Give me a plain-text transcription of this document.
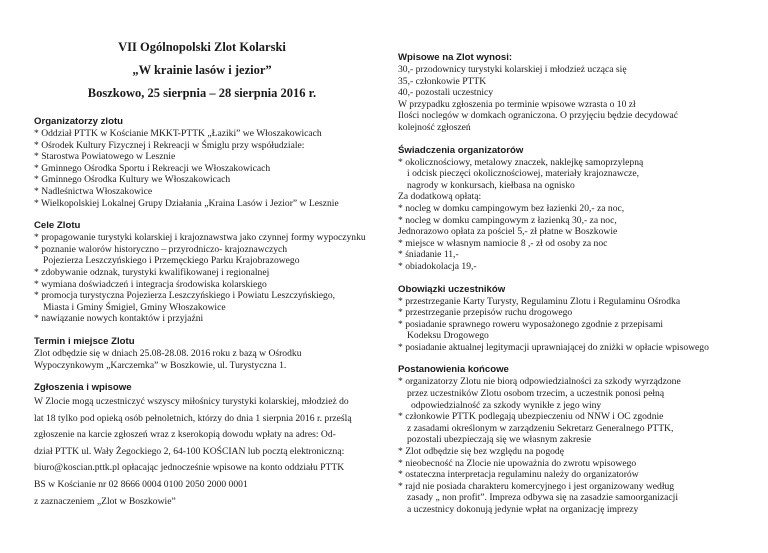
VII Ogólnopolski Zlot Kolarski
„W krainie lasów i jezior”
Boszkowo, 25 sierpnia – 28 sierpnia 2016 r.
Organizatorzy zlotu

* Oddział PTTK w Kościanie MKKT-PTTK „Łaziki” we Włoszakowicach

* Ośrodek Kultury Fizycznej i Rekreacji w Śmiglu przy współudziale:

* Starostwa Powiatowego w Lesznie

* Gminnego Ośrodka Sportu i Rekreacji we Włoszakowicach

* Gminnego Ośrodka Kultury we Włoszakowicach

* Nadleśnictwa Włoszakowice

* Wielkopolskiej Lokalnej Grupy Działania „Kraina Lasów i Jezior” w Lesznie

Cele Zlotu

* propagowanie turystyki kolarskiej i krajoznawstwa jako czynnej formy wypoczynku

* poznanie walorów historyczno – przyrodniczo- krajoznawczych

Pojezierza Leszczyńskiego i Przemęckiego Parku Krajobrazowego

* zdobywanie odznak, turystyki kwalifikowanej i regionalnej

* wymiana doświadczeń i integracja środowiska kolarskiego

* promocja turystyczna Pojezierza Leszczyńskiego i Powiatu Leszczyńskiego,

Miasta i Gminy Śmigiel, Gminy Włoszakowice

* nawiązanie nowych kontaktów i przyjaźni

Termin i miejsce Zlotu

Zlot odbędzie się w dniach 25.08-28.08. 2016 roku z bazą w Ośrodku

Wypoczynkowym „Karczemka” w Boszkowie, ul. Turystyczna 1.

Zgłoszenia i wpisowe

W Zlocie mogą uczestniczyć wszyscy miłośnicy turystyki kolarskiej, młodzież do

lat 18 tylko pod opieką osób pełnoletnich, którzy do dnia 1 sierpnia 2016 r. prześlą

zgłoszenie na karcie zgłoszeń wraz z kserokopią dowodu wpłaty na adres: Od-

dział PTTK ul. Wały Żegockiego 2, 64-100 KOŚCIAN lub pocztą elektroniczną:

biuro@koscian.pttk.pl opłacając jednocześnie wpisowe na konto oddziału PTTK

BS w Kościanie nr 02 8666 0004 0100 2050 2000 0001

z zaznaczeniem „Zlot w Boszkowie”

Wpisowe na Zlot wynosi:

30,- przodownicy turystyki kolarskiej i młodzież ucząca się

35,- członkowie PTTK

40,- pozostali uczestnicy

W przypadku zgłoszenia po terminie wpisowe wzrasta o 10 zł

Ilości noclegów w domkach ograniczona. O przyjęciu będzie decydować

kolejność zgłoszeń

Świadczenia organizatorów

* okolicznościowy, metalowy znaczek, naklejkę samoprzylepną

i odcisk pieczęci okolicznościowej, materiały krajoznawcze,

nagrody w konkursach, kiełbasa na ognisko

Za dodatkową opłatą:

* nocleg w domku campingowym bez łazienki 20,- za noc,

* nocleg w domku campingowym z łazienką 30,- za noc,

Jednorazowo opłata za pościel 5,- zł płatne w Boszkowie

* miejsce w własnym namiocie 8 ,- zł od osoby za noc

* śniadanie 11,-

* obiadokolacja 19,-

Obowiązki uczestników

* przestrzeganie Karty Turysty, Regulaminu Zlotu i Regulaminu Ośrodka

* przestrzeganie przepisów ruchu drogowego

* posiadanie sprawnego roweru wyposażonego zgodnie z przepisami

Kodeksu Drogowego

* posiadanie aktualnej legitymacji uprawniającej do zniżki w opłacie wpisowego

Postanowienia końcowe

* organizatorzy Zlotu nie biorą odpowiedzialności za szkody wyrządzone

przez uczestników Zlotu osobom trzecim, a uczestnik ponosi pełną

odpowiedzialność za szkody wynikłe z jego winy

* członkowie PTTK podlegają ubezpieczeniu od NNW i OC zgodnie

z zasadami określonym w zarządzeniu Sekretarz Generalnego PTTK,

pozostali ubezpieczają się we własnym zakresie

* Zlot odbędzie się bez względu na pogodę

* nieobecność na Zlocie nie upoważnia do zwrotu wpisowego

* ostateczna interpretacja regulaminu należy do organizatorów

* rajd nie posiada charakteru komercyjnego i jest organizowany według

zasady „ non profit”. Impreza odbywa się na zasadzie samoorganizacji

a uczestnicy dokonują jedynie wpłat na organizację imprezy
